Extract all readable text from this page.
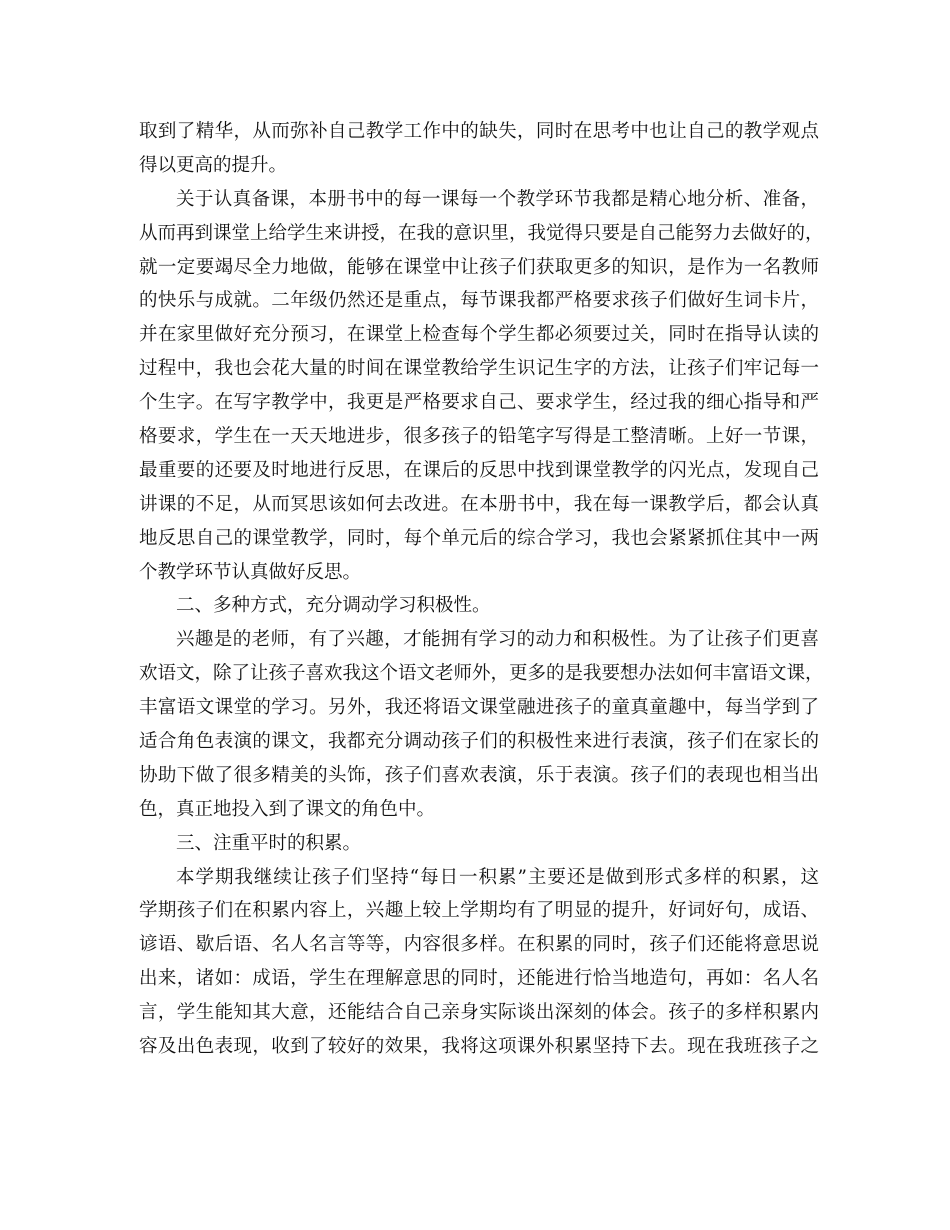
取到了精华，从而弥补自己教学工作中的缺失，同时在思考中也让自己的教学观点
得以更高的提升。
关于认真备课，本册书中的每一课每一个教学环节我都是精心地分析、准备，
从而再到课堂上给学生来讲授，在我的意识里，我觉得只要是自己能努力去做好的，
就一定要竭尽全力地做，能够在课堂中让孩子们获取更多的知识，是作为一名教师
的快乐与成就。二年级仍然还是重点，每节课我都严格要求孩子们做好生词卡片，
并在家里做好充分预习，在课堂上检查每个学生都必须要过关，同时在指导认读的
过程中，我也会花大量的时间在课堂教给学生识记生字的方法，让孩子们牢记每一
个生字。在写字教学中，我更是严格要求自己、要求学生，经过我的细心指导和严
格要求，学生在一天天地进步，很多孩子的铅笔字写得是工整清晰。上好一节课，
最重要的还要及时地进行反思，在课后的反思中找到课堂教学的闪光点，发现自己
讲课的不足，从而冥思该如何去改进。在本册书中，我在每一课教学后，都会认真
地反思自己的课堂教学，同时，每个单元后的综合学习，我也会紧紧抓住其中一两
个教学环节认真做好反思。
二、多种方式，充分调动学习积极性。
兴趣是的老师，有了兴趣，才能拥有学习的动力和积极性。为了让孩子们更喜
欢语文，除了让孩子喜欢我这个语文老师外，更多的是我要想办法如何丰富语文课，
丰富语文课堂的学习。另外，我还将语文课堂融进孩子的童真童趣中，每当学到了
适合角色表演的课文，我都充分调动孩子们的积极性来进行表演，孩子们在家长的
协助下做了很多精美的头饰，孩子们喜欢表演，乐于表演。孩子们的表现也相当出
色，真正地投入到了课文的角色中。
三、注重平时的积累。
本学期我继续让孩子们坚持“每日一积累”主要还是做到形式多样的积累，这
学期孩子们在积累内容上，兴趣上较上学期均有了明显的提升，好词好句，成语、
谚语、歇后语、名人名言等等，内容很多样。在积累的同时，孩子们还能将意思说
出来，诸如：成语，学生在理解意思的同时，还能进行恰当地造句，再如：名人名
言，学生能知其大意，还能结合自己亲身实际谈出深刻的体会。孩子的多样积累内
容及出色表现，收到了较好的效果，我将这项课外积累坚持下去。现在我班孩子之
